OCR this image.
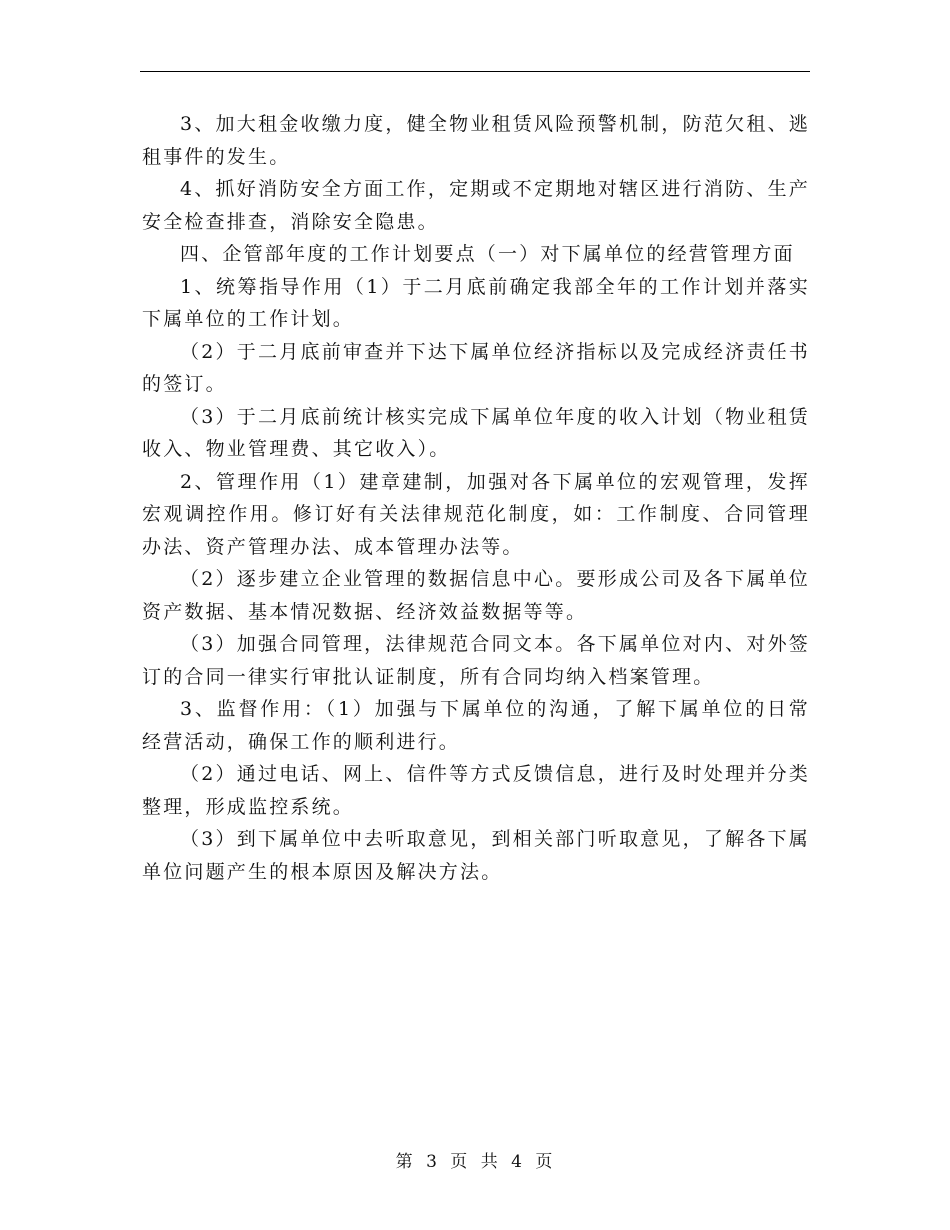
3、加大租金收缴力度，健全物业租赁风险预警机制，防范欠租、逃租事件的发生。

4、抓好消防安全方面工作，定期或不定期地对辖区进行消防、生产安全检查排查，消除安全隐患。

四、企管部年度的工作计划要点（一）对下属单位的经营管理方面

1、统筹指导作用（1）于二月底前确定我部全年的工作计划并落实下属单位的工作计划。

（2）于二月底前审查并下达下属单位经济指标以及完成经济责任书的签订。

（3）于二月底前统计核实完成下属单位年度的收入计划（物业租赁收入、物业管理费、其它收入）。

2、管理作用（1）建章建制，加强对各下属单位的宏观管理，发挥宏观调控作用。修订好有关法律规范化制度，如：工作制度、合同管理办法、资产管理办法、成本管理办法等。

（2）逐步建立企业管理的数据信息中心。要形成公司及各下属单位资产数据、基本情况数据、经济效益数据等等。

（3）加强合同管理，法律规范合同文本。各下属单位对内、对外签订的合同一律实行审批认证制度，所有合同均纳入档案管理。

3、监督作用：（1）加强与下属单位的沟通，了解下属单位的日常经营活动，确保工作的顺利进行。

（2）通过电话、网上、信件等方式反馈信息，进行及时处理并分类整理，形成监控系统。

（3）到下属单位中去听取意见，到相关部门听取意见，了解各下属单位问题产生的根本原因及解决方法。

第 3 页 共 4 页
